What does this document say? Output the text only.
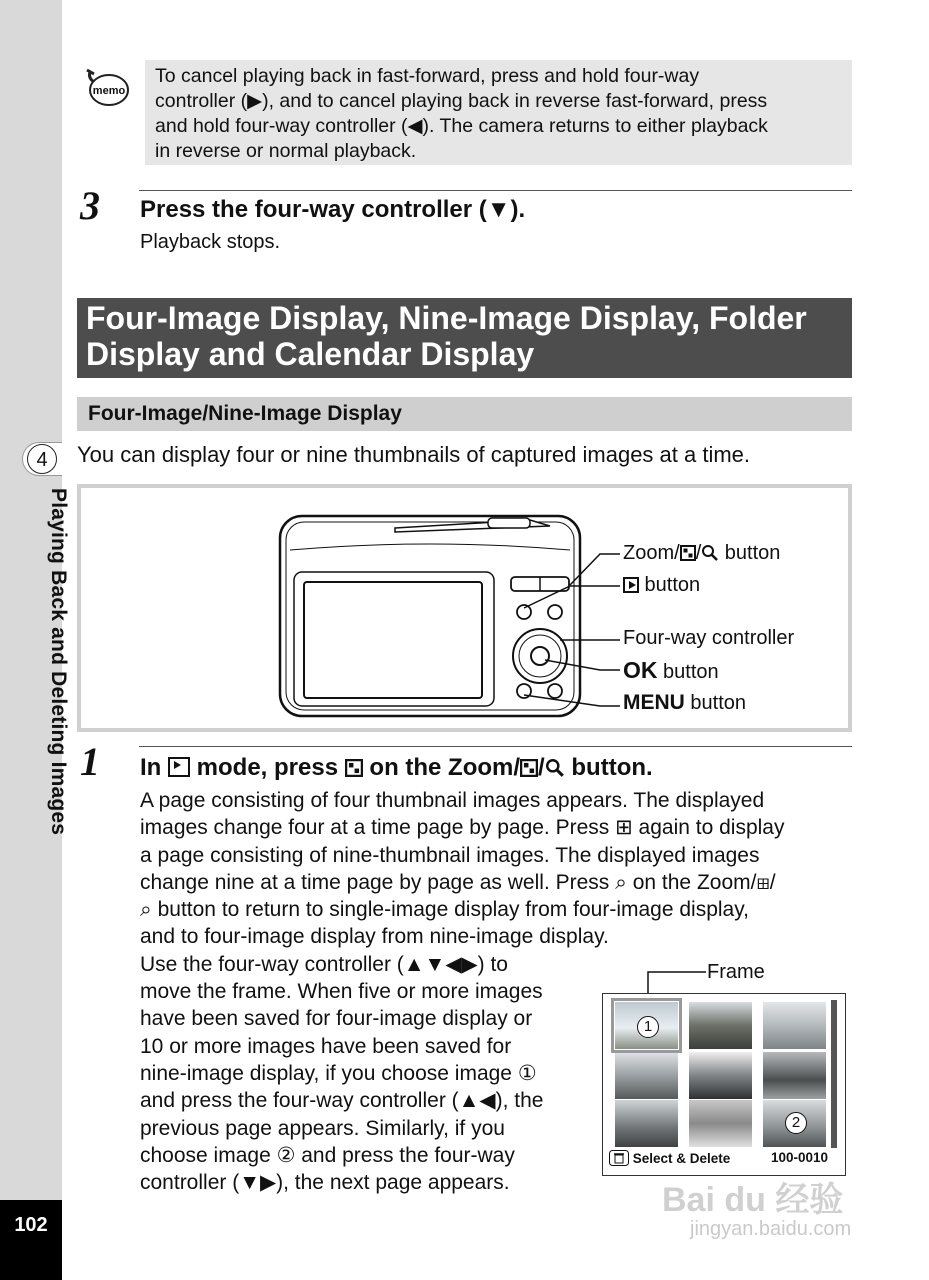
4
Playing Back and Deleting Images
102
memo
To cancel playing back in fast-forward, press and hold four-way
controller (▶), and to cancel playing back in reverse fast-forward, press
and hold four-way controller (◀). The camera returns to either playback
in reverse or normal playback.
3 Press the four-way controller (▼).
Playback stops.
Four-Image Display, Nine-Image Display, Folder
Display and Calendar Display
Four-Image/Nine-Image Display
You can display four or nine thumbnails of captured images at a time.
Zoom/ / button
button
Four-way controller
OK button
MENU button
1 In  mode, press  on the Zoom/ / button.
A page consisting of four thumbnail images appears. The displayed
images change four at a time page by page. Press ⊞ again to display
a page consisting of nine-thumbnail images. The displayed images
change nine at a time page by page as well. Press ⌕ on the Zoom/⊞/
⌕ button to return to single-image display from four-image display,
and to four-image display from nine-image display.
Use the four-way controller (▲▼◀▶) to
move the frame. When five or more images
have been saved for four-image display or
10 or more images have been saved for
nine-image display, if you choose image ①
and press the four-way controller (▲◀), the
previous page appears. Similarly, if you
choose image ② and press the four-way
controller (▼▶), the next page appears.
Frame
1
2
Select & Delete	100-0010
Bai du 经验
jingyan.baidu.com
